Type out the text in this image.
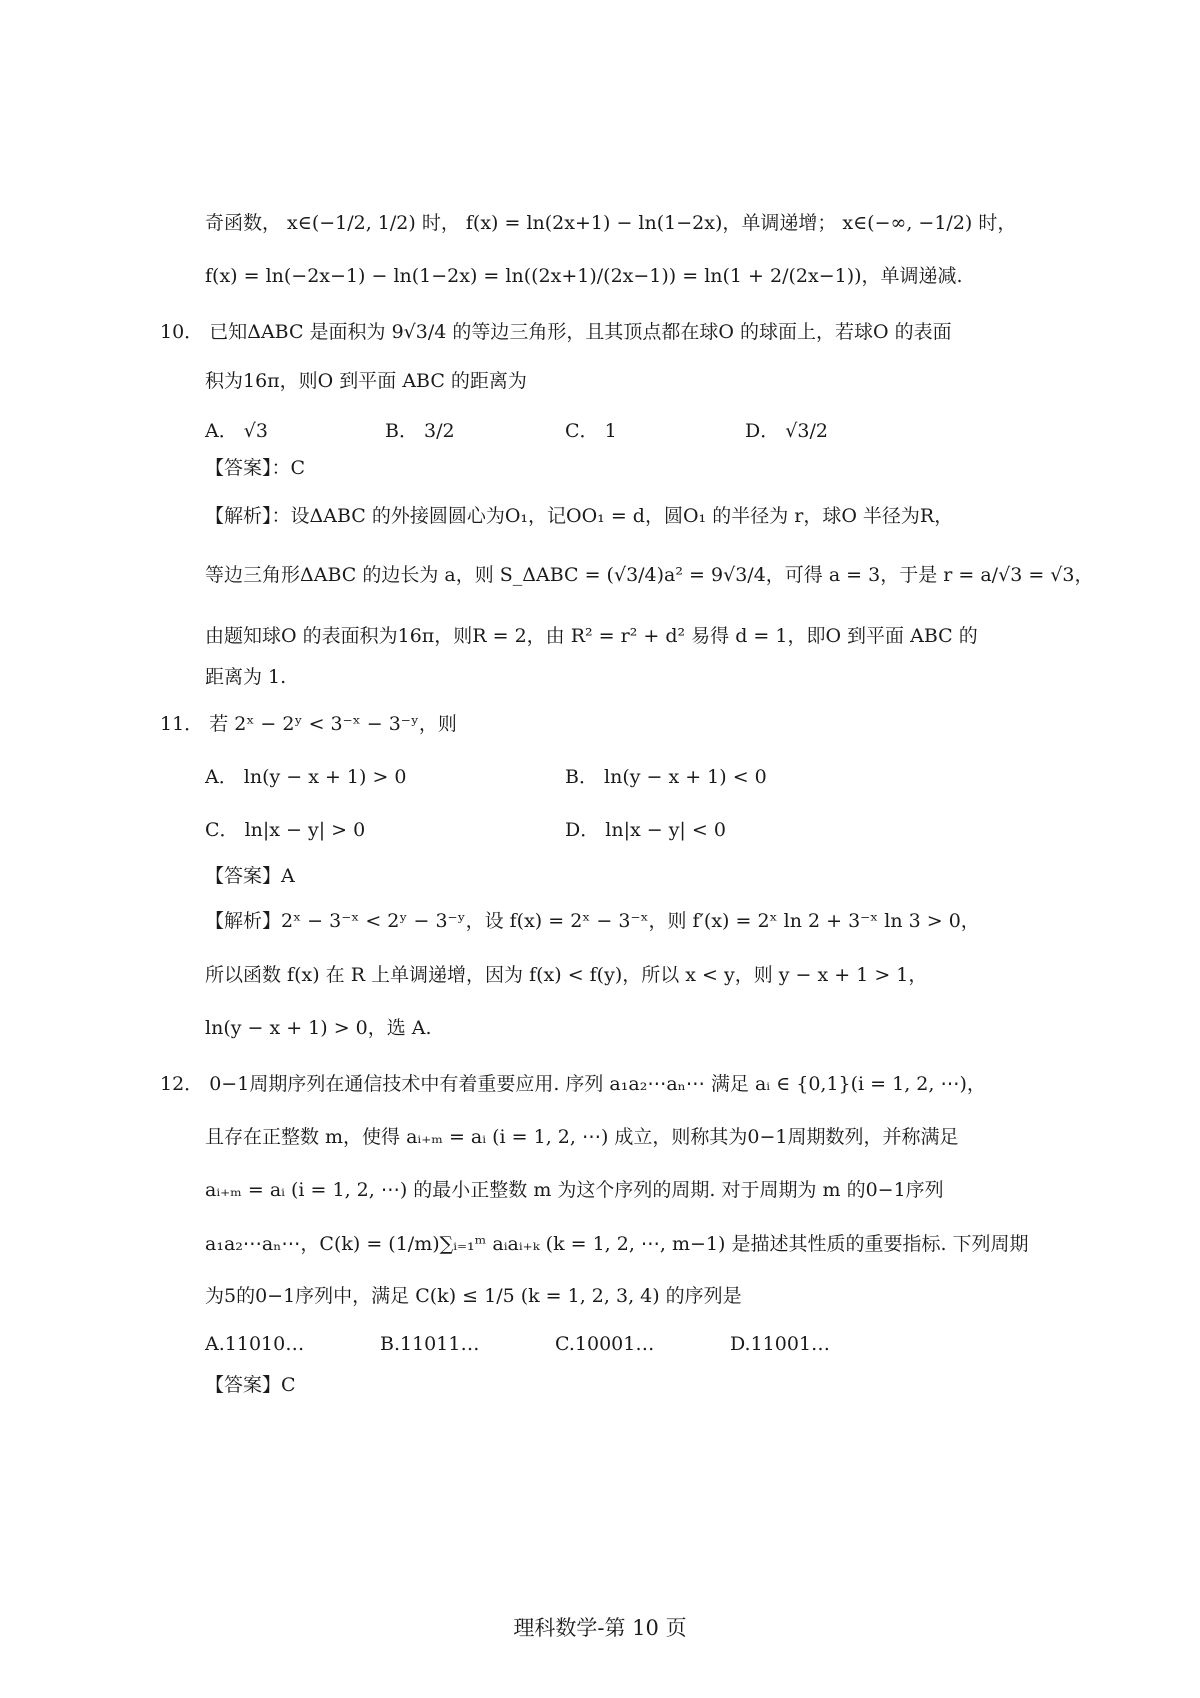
奇函数， x∈(−1/2, 1/2) 时， f(x) = ln(2x+1) − ln(1−2x)，单调递增； x∈(−∞, −1/2) 时，
f(x) = ln(−2x−1) − ln(1−2x) = ln((2x+1)/(2x−1)) = ln(1 + 2/(2x−1))，单调递减.
10． 已知ΔABC 是面积为 9√3/4 的等边三角形，且其顶点都在球O 的球面上，若球O 的表面
积为16π，则O 到平面 ABC 的距离为
A． √3	B． 3/2	C． 1	D． √3/2
【答案】：C
【解析】：设ΔABC 的外接圆圆心为O₁，记OO₁ = d，圆O₁ 的半径为 r，球O 半径为R，
等边三角形ΔABC 的边长为 a，则 S_ΔABC = (√3/4)a² = 9√3/4，可得 a = 3，于是 r = a/√3 = √3，
由题知球O 的表面积为16π，则R = 2，由 R² = r² + d² 易得 d = 1，即O 到平面 ABC 的
距离为 1.
11． 若 2ˣ − 2ʸ < 3⁻ˣ − 3⁻ʸ，则
A． ln(y − x + 1) > 0	B． ln(y − x + 1) < 0
C． ln|x − y| > 0	D． ln|x − y| < 0
【答案】A
【解析】2ˣ − 3⁻ˣ < 2ʸ − 3⁻ʸ，设 f(x) = 2ˣ − 3⁻ˣ，则 f′(x) = 2ˣ ln 2 + 3⁻ˣ ln 3 > 0，
所以函数 f(x) 在 R 上单调递增，因为 f(x) < f(y)，所以 x < y，则 y − x + 1 > 1，
ln(y − x + 1) > 0，选 A.
12． 0−1周期序列在通信技术中有着重要应用. 序列 a₁a₂⋯aₙ⋯ 满足 aᵢ ∈ {0,1}(i = 1, 2, ⋯)，
且存在正整数 m，使得 aᵢ₊ₘ = aᵢ (i = 1, 2, ⋯) 成立，则称其为0−1周期数列，并称满足
aᵢ₊ₘ = aᵢ (i = 1, 2, ⋯) 的最小正整数 m 为这个序列的周期. 对于周期为 m 的0−1序列
a₁a₂⋯aₙ⋯，C(k) = (1/m)∑ᵢ₌₁ᵐ aᵢaᵢ₊ₖ (k = 1, 2, ⋯, m−1) 是描述其性质的重要指标. 下列周期
为5的0−1序列中，满足 C(k) ≤ 1/5 (k = 1, 2, 3, 4) 的序列是
A.11010…	B.11011…	C.10001…	D.11001…
【答案】C
理科数学-第 10 页
